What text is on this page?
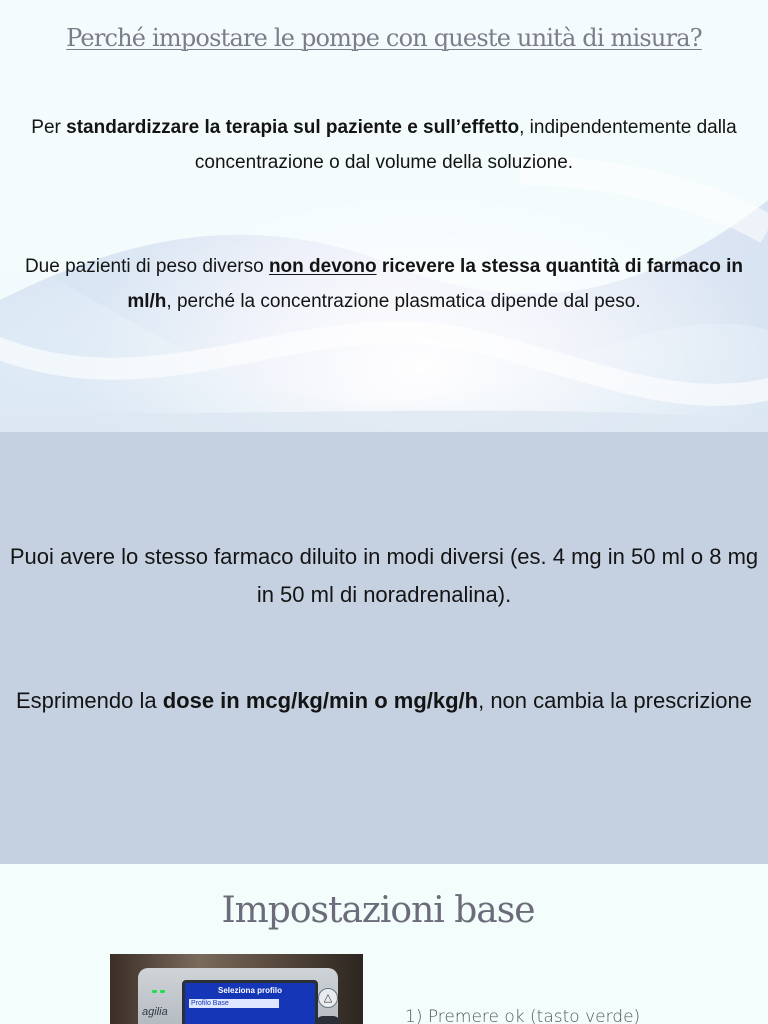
Perché impostare le pompe con queste unità di misura?

Per standardizzare la terapia sul paziente e sull’effetto, indipendentemente dalla concentrazione o dal volume della soluzione.

Due pazienti di peso diverso non devono ricevere la stessa quantità di farmaco in ml/h, perché la concentrazione plasmatica dipende dal peso.

Puoi avere lo stesso farmaco diluito in modi diversi (es. 4 mg in 50 ml o 8 mg in 50 ml di noradrenalina).

Esprimendo la dose in mcg/kg/min o mg/kg/h, non cambia la prescrizione

Impostazioni base
agilia
Seleziona profilo
Profilo Base	△

1) Premere ok (tasto verde)
